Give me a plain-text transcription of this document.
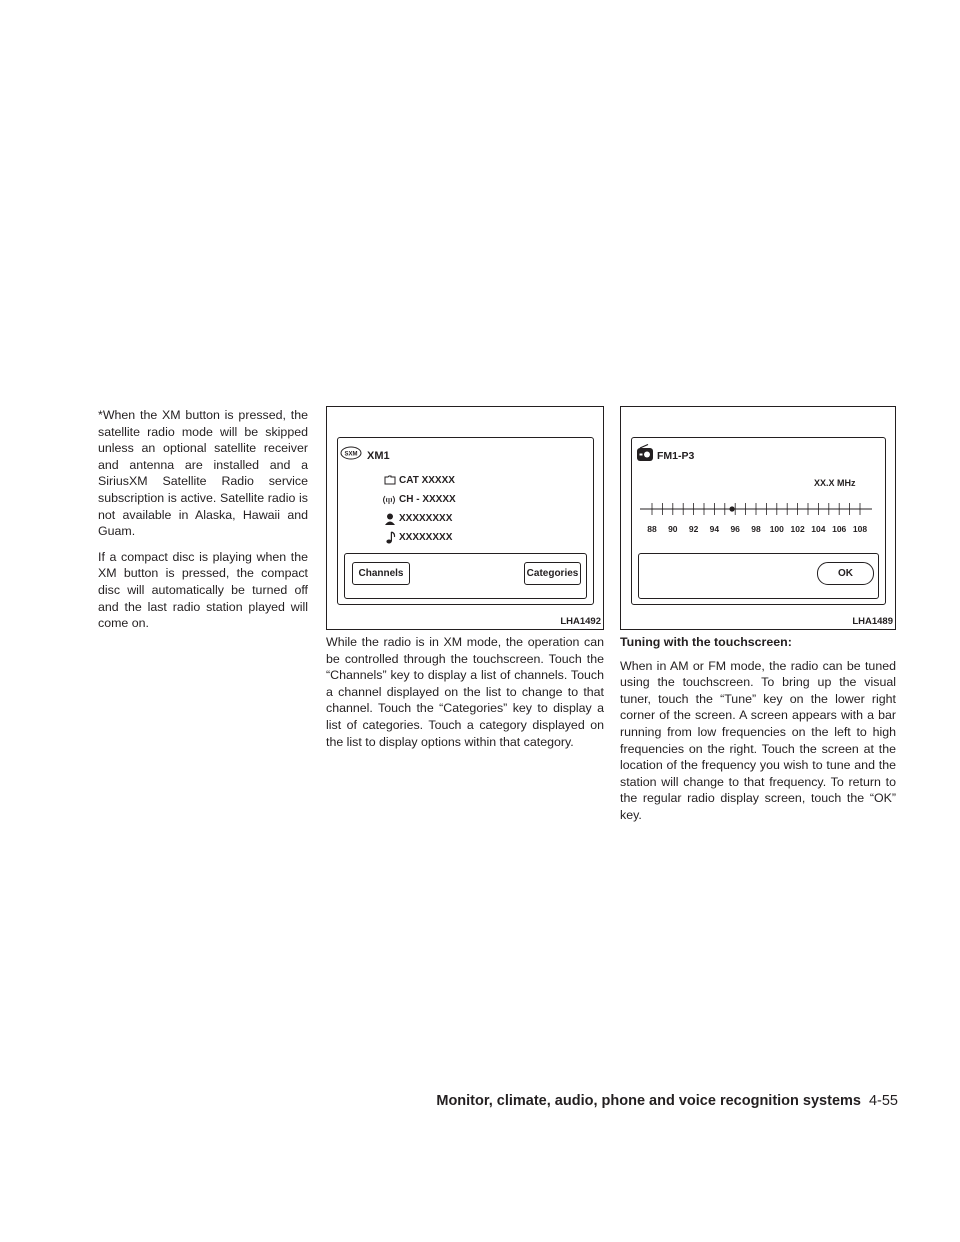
*When the XM button is pressed, the satellite radio mode will be skipped unless an optional satellite receiver and antenna are installed and a SiriusXM Satellite Radio service subscription is active. Satellite radio is not available in Alaska, Hawaii and Guam.

If a compact disc is playing when the XM button is pressed, the compact disc will automatically be turned off and the last radio station played will come on.

SXM XM1
CAT XXXXX
CH - XXXXX
XXXXXXXX
XXXXXXXX
Channels	Categories
LHA1492
FM1-P3
XX.X MHz
88 90 92 94 96 98 100 102 104 106 108
OK
LHA1489

While the radio is in XM mode, the operation can be controlled through the touchscreen. Touch the “Channels” key to display a list of channels. Touch a channel displayed on the list to change to that channel. Touch the “Categories” key to display a list of categories. Touch a category displayed on the list to display options within that category.

Tuning with the touchscreen:

When in AM or FM mode, the radio can be tuned using the touchscreen. To bring up the visual tuner, touch the “Tune” key on the lower right corner of the screen. A screen appears with a bar running from low frequencies on the left to high frequencies on the right. Touch the screen at the location of the frequency you wish to tune and the station will change to that frequency. To return to the regular radio display screen, touch the “OK” key.

Monitor, climate, audio, phone and voice recognition systems 4-55
